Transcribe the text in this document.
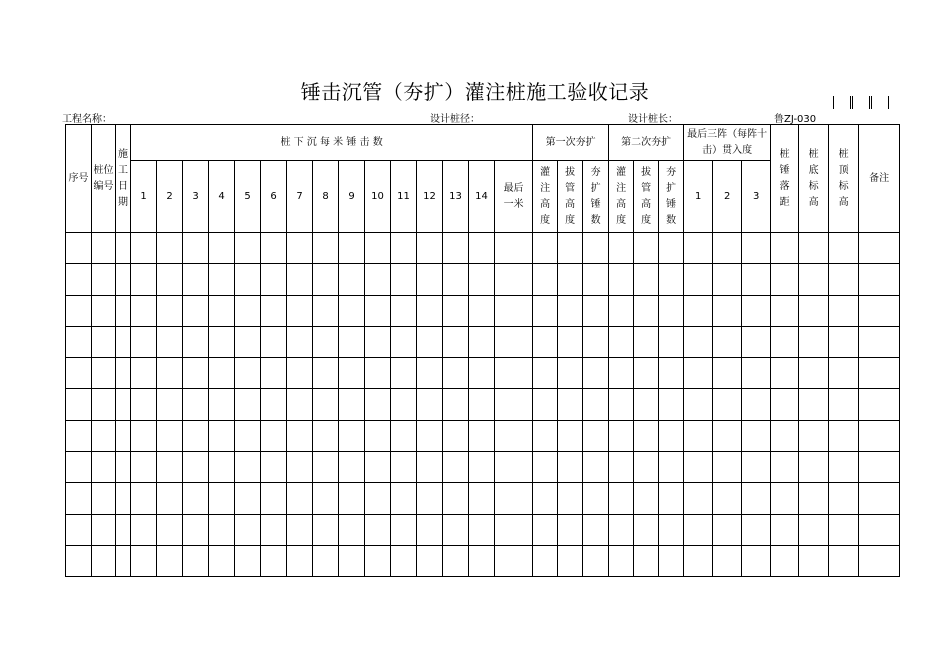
锤击沉管（夯扩）灌注桩施工验收记录
工程名称：	设计桩径：	设计桩长：	鲁ZJ-030
序号	桩位编号	施工日期	桩 下 沉 每 米 锤 击 数															第一次夯扩			第二次夯扩			最后三阵（每阵十击）贯入度			桩锤落距	桩底标高	桩顶标高	备注
			1	2	3	4	5	6	7	8	9	10	11	12	13	14	最后一米	灌注高度	拔管高度	夯扩锤数	灌注高度	拔管高度	夯扩锤数	1	2	3				
